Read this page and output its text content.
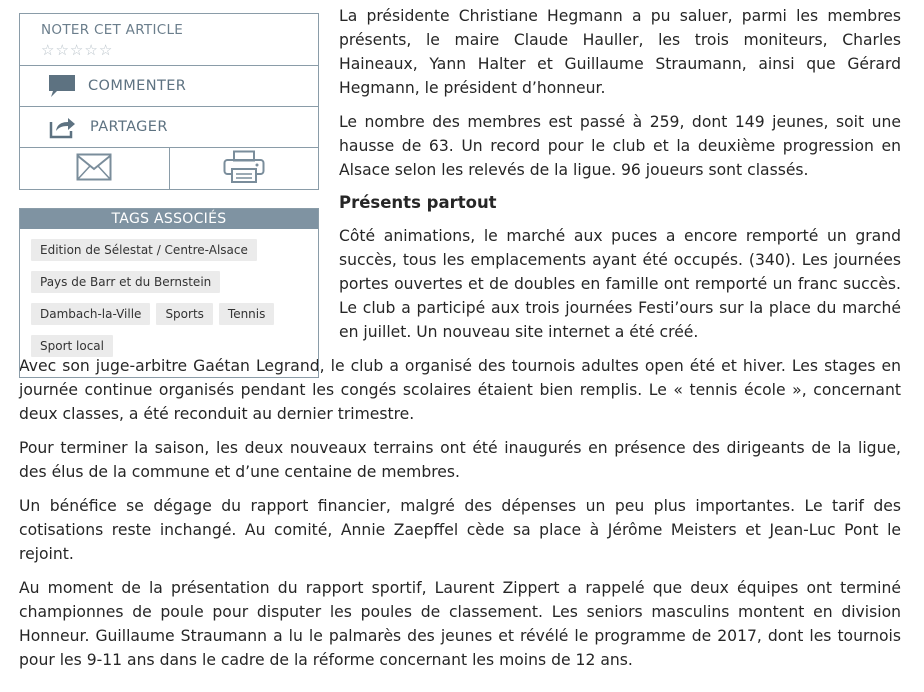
La présidente Christiane Hegmann a pu saluer, parmi les membres présents, le maire Claude Hauller, les trois moniteurs, Charles Haineaux, Yann Halter et Guillaume Straumann, ainsi que Gérard Hegmann, le président d’honneur.

Le nombre des membres est passé à 259, dont 149 jeunes, soit une hausse de 63. Un record pour le club et la deuxième progression en Alsace selon les relevés de la ligue. 96 joueurs sont classés.

Présents partout

Côté animations, le marché aux puces a encore remporté un grand succès, tous les emplacements ayant été occupés. (340). Les journées portes ouvertes et de doubles en famille ont remporté un franc succès. Le club a participé aux trois journées Festi’ours sur la place du marché en juillet. Un nouveau site internet a été créé.

Avec son juge-arbitre Gaétan Legrand, le club a organisé des tournois adultes open été et hiver. Les stages en journée continue organisés pendant les congés scolaires étaient bien remplis. Le « tennis école », concernant deux classes, a été reconduit au dernier trimestre.

Pour terminer la saison, les deux nouveaux terrains ont été inaugurés en présence des dirigeants de la ligue, des élus de la commune et d’une centaine de membres.

Un bénéfice se dégage du rapport financier, malgré des dépenses un peu plus importantes. Le tarif des cotisations reste inchangé. Au comité, Annie Zaepffel cède sa place à Jérôme Meisters et Jean-Luc Pont le rejoint.

Au moment de la présentation du rapport sportif, Laurent Zippert a rappelé que deux équipes ont terminé championnes de poule pour disputer les poules de classement. Les seniors masculins montent en division Honneur. Guillaume Straumann a lu le palmarès des jeunes et révélé le programme de 2017, dont les tournois pour les 9-11 ans dans le cadre de la réforme concernant les moins de 12 ans.

NOTER CET ARTICLE
☆☆☆☆☆
COMMENTER
PARTAGER
TAGS ASSOCIÉS
Edition de Sélestat / Centre-Alsace
Pays de Barr et du Bernstein
Dambach-la-Ville Sports Tennis
Sport local
